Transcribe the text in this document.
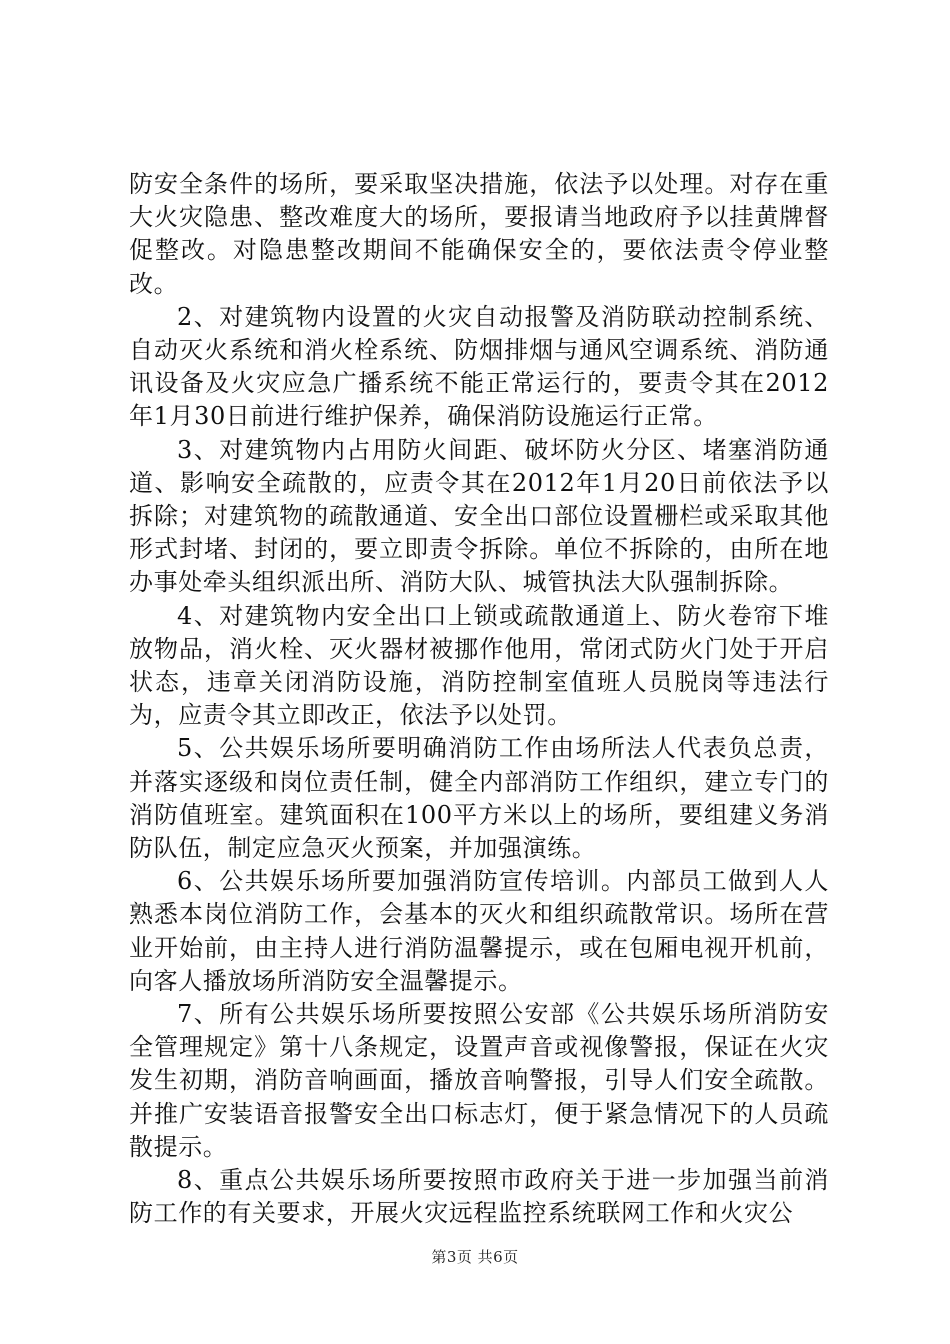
防安全条件的场所，要采取坚决措施，依法予以处理。对存在重大火灾隐患、整改难度大的场所，要报请当地政府予以挂黄牌督促整改。对隐患整改期间不能确保安全的，要依法责令停业整改。

2、对建筑物内设置的火灾自动报警及消防联动控制系统、自动灭火系统和消火栓系统、防烟排烟与通风空调系统、消防通讯设备及火灾应急广播系统不能正常运行的，要责令其在2012年1月30日前进行维护保养，确保消防设施运行正常。

3、对建筑物内占用防火间距、破坏防火分区、堵塞消防通道、影响安全疏散的，应责令其在2012年1月20日前依法予以拆除；对建筑物的疏散通道、安全出口部位设置栅栏或采取其他形式封堵、封闭的，要立即责令拆除。单位不拆除的，由所在地办事处牵头组织派出所、消防大队、城管执法大队强制拆除。

4、对建筑物内安全出口上锁或疏散通道上、防火卷帘下堆放物品，消火栓、灭火器材被挪作他用，常闭式防火门处于开启状态，违章关闭消防设施，消防控制室值班人员脱岗等违法行为，应责令其立即改正，依法予以处罚。

5、公共娱乐场所要明确消防工作由场所法人代表负总责，并落实逐级和岗位责任制，健全内部消防工作组织，建立专门的消防值班室。建筑面积在100平方米以上的场所，要组建义务消防队伍，制定应急灭火预案，并加强演练。

6、公共娱乐场所要加强消防宣传培训。内部员工做到人人熟悉本岗位消防工作，会基本的灭火和组织疏散常识。场所在营业开始前，由主持人进行消防温馨提示，或在包厢电视开机前，向客人播放场所消防安全温馨提示。

7、所有公共娱乐场所要按照公安部《公共娱乐场所消防安全管理规定》第十八条规定，设置声音或视像警报，保证在火灾发生初期，消防音响画面，播放音响警报，引导人们安全疏散。并推广安装语音报警安全出口标志灯，便于紧急情况下的人员疏散提示。

8、重点公共娱乐场所要按照市政府关于进一步加强当前消防工作的有关要求，开展火灾远程监控系统联网工作和火灾公

第3页 共6页
